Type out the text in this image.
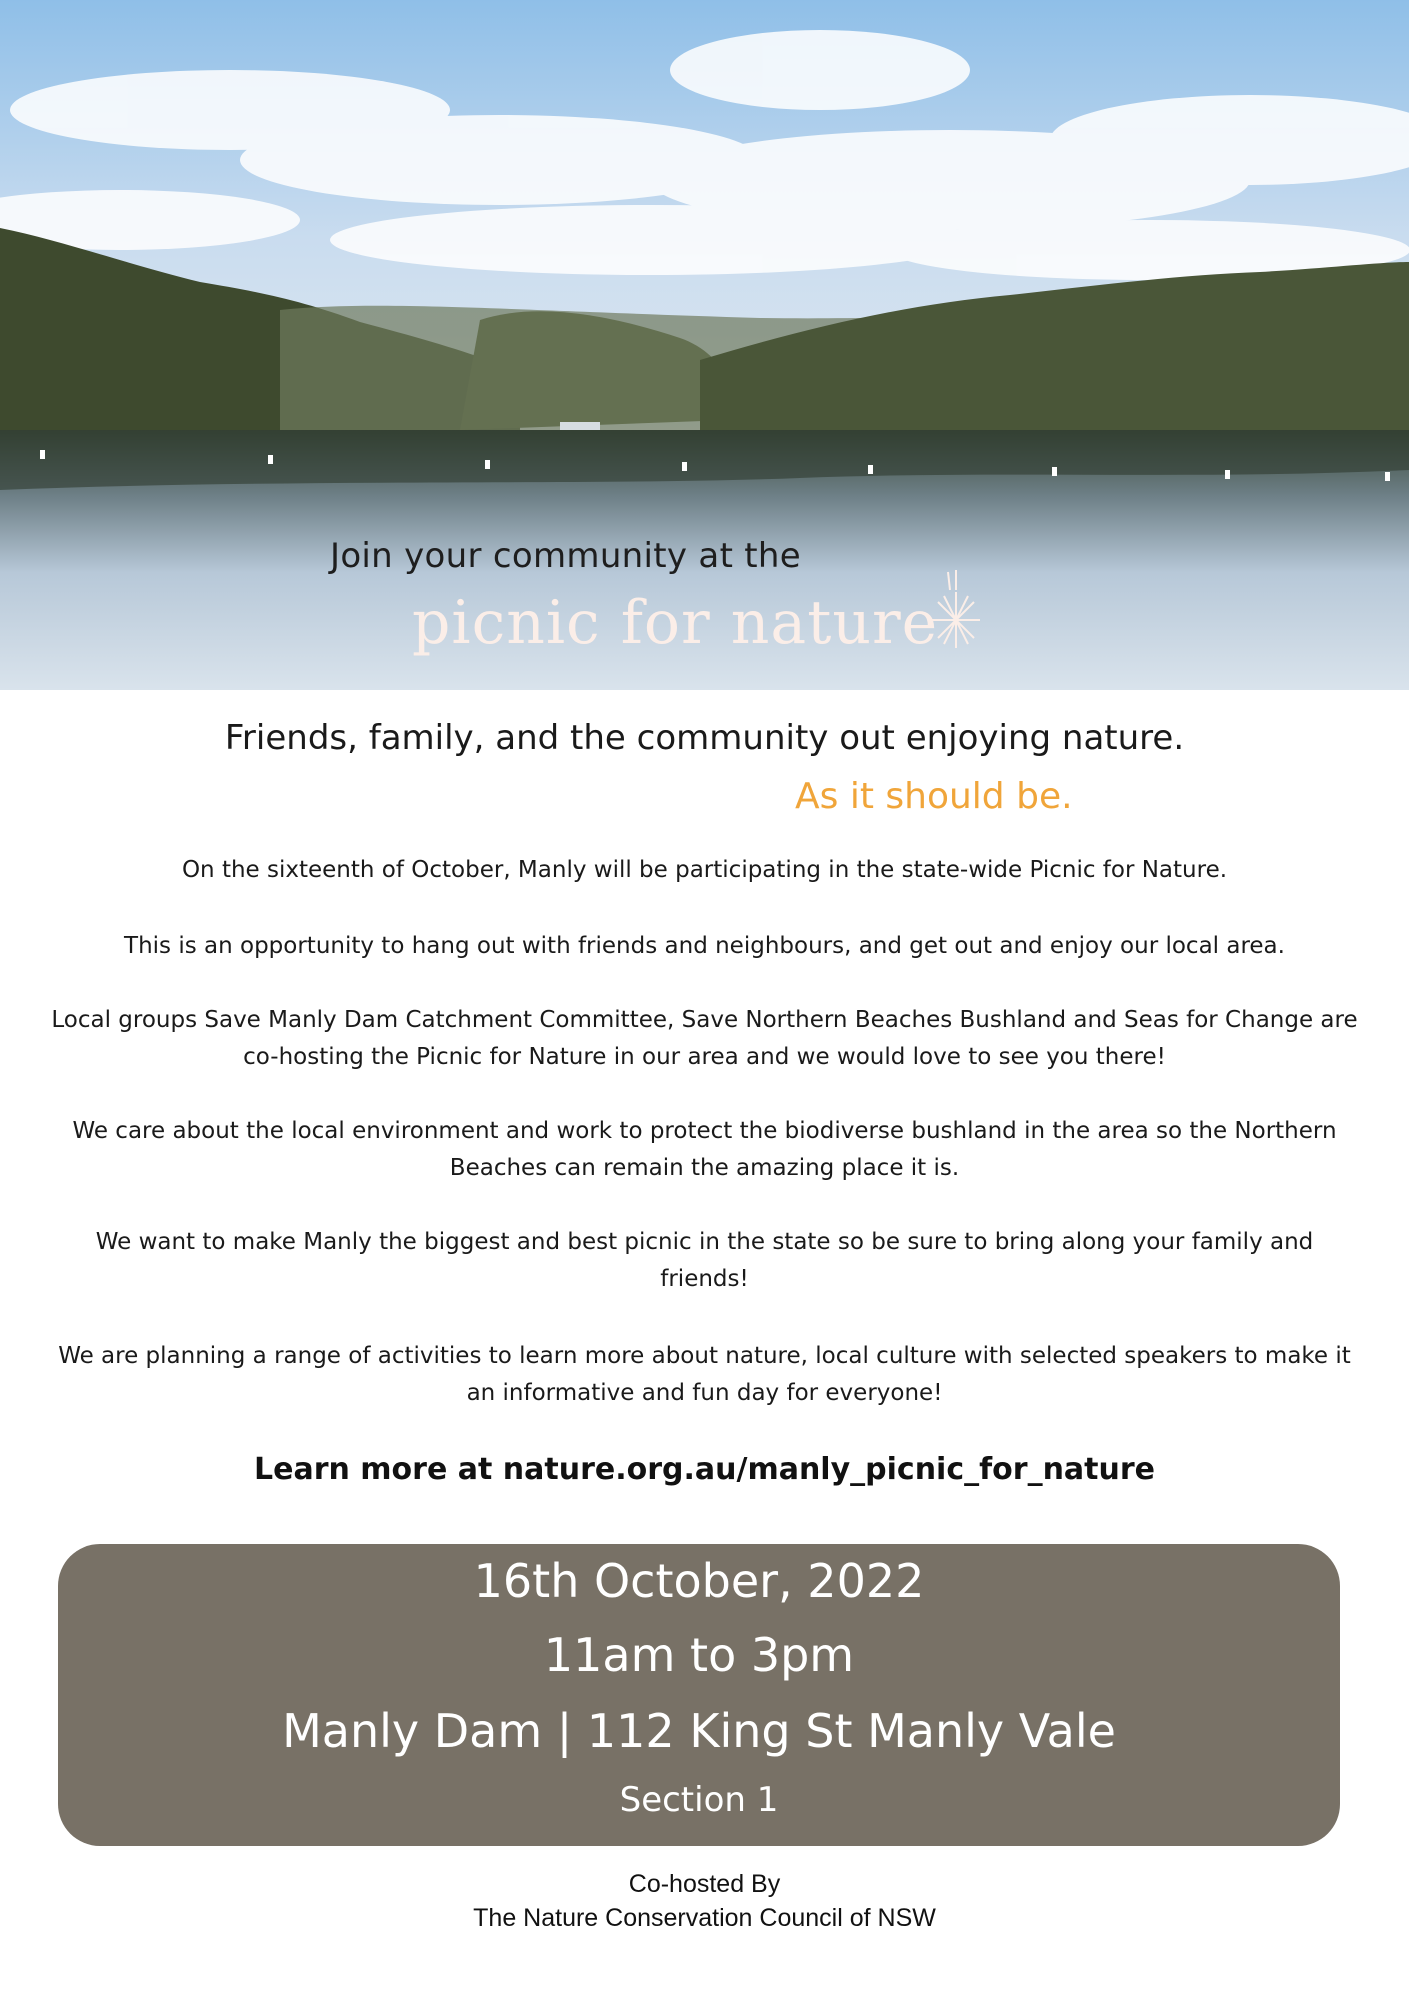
Join your community at the
picnic for nature
Friends, family, and the community out enjoying nature.
As it should be.
On the sixteenth of October, Manly will be participating in the state-wide Picnic for Nature.
This is an opportunity to hang out with friends and neighbours, and get out and enjoy our local area.
Local groups Save Manly Dam Catchment Committee, Save Northern Beaches Bushland and Seas for Change are co-hosting the Picnic for Nature in our area and we would love to see you there!
We care about the local environment and work to protect the biodiverse bushland in the area so the Northern Beaches can remain the amazing place it is.
We want to make Manly the biggest and best picnic in the state so be sure to bring along your family and friends!
We are planning a range of activities to learn more about nature, local culture with selected speakers to make it an informative and fun day for everyone!
Learn more at nature.org.au/manly_picnic_for_nature
16th October, 2022
11am to 3pm
Manly Dam | 112 King St Manly Vale
Section 1
Co-hosted By
The Nature Conservation Council of NSW
